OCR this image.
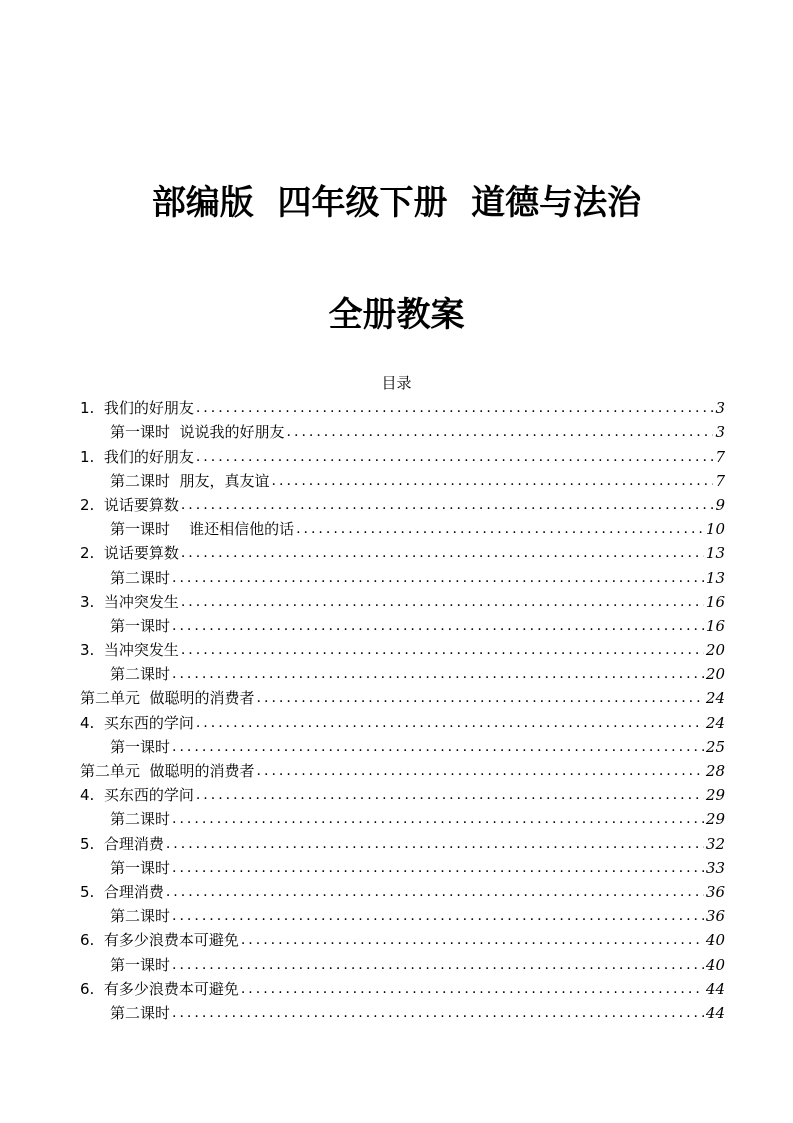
部编版  四年级下册  道德与法治
全册教案
目录
1.  我们的好朋友 .....	3
第一课时  说说我的好朋友 .....	3
1.  我们的好朋友 .....	7
第二课时  朋友，真友谊 .....	7
2.  说话要算数 .....	9
第一课时    谁还相信他的话 .....	10
2.  说话要算数 .....	13
第二课时 .....	13
3.  当冲突发生 .....	16
第一课时 .....	16
3.  当冲突发生 .....	20
第二课时 .....	20
第二单元  做聪明的消费者 .....	24
4.  买东西的学问 .....	24
第一课时 .....	25
第二单元  做聪明的消费者 .....	28
4.  买东西的学问 .....	29
第二课时 .....	29
5.  合理消费 .....	32
第一课时 .....	33
5.  合理消费 .....	36
第二课时 .....	36
6.  有多少浪费本可避免 .....	40
第一课时 .....	40
6.  有多少浪费本可避免 .....	44
第二课时 .....	44
